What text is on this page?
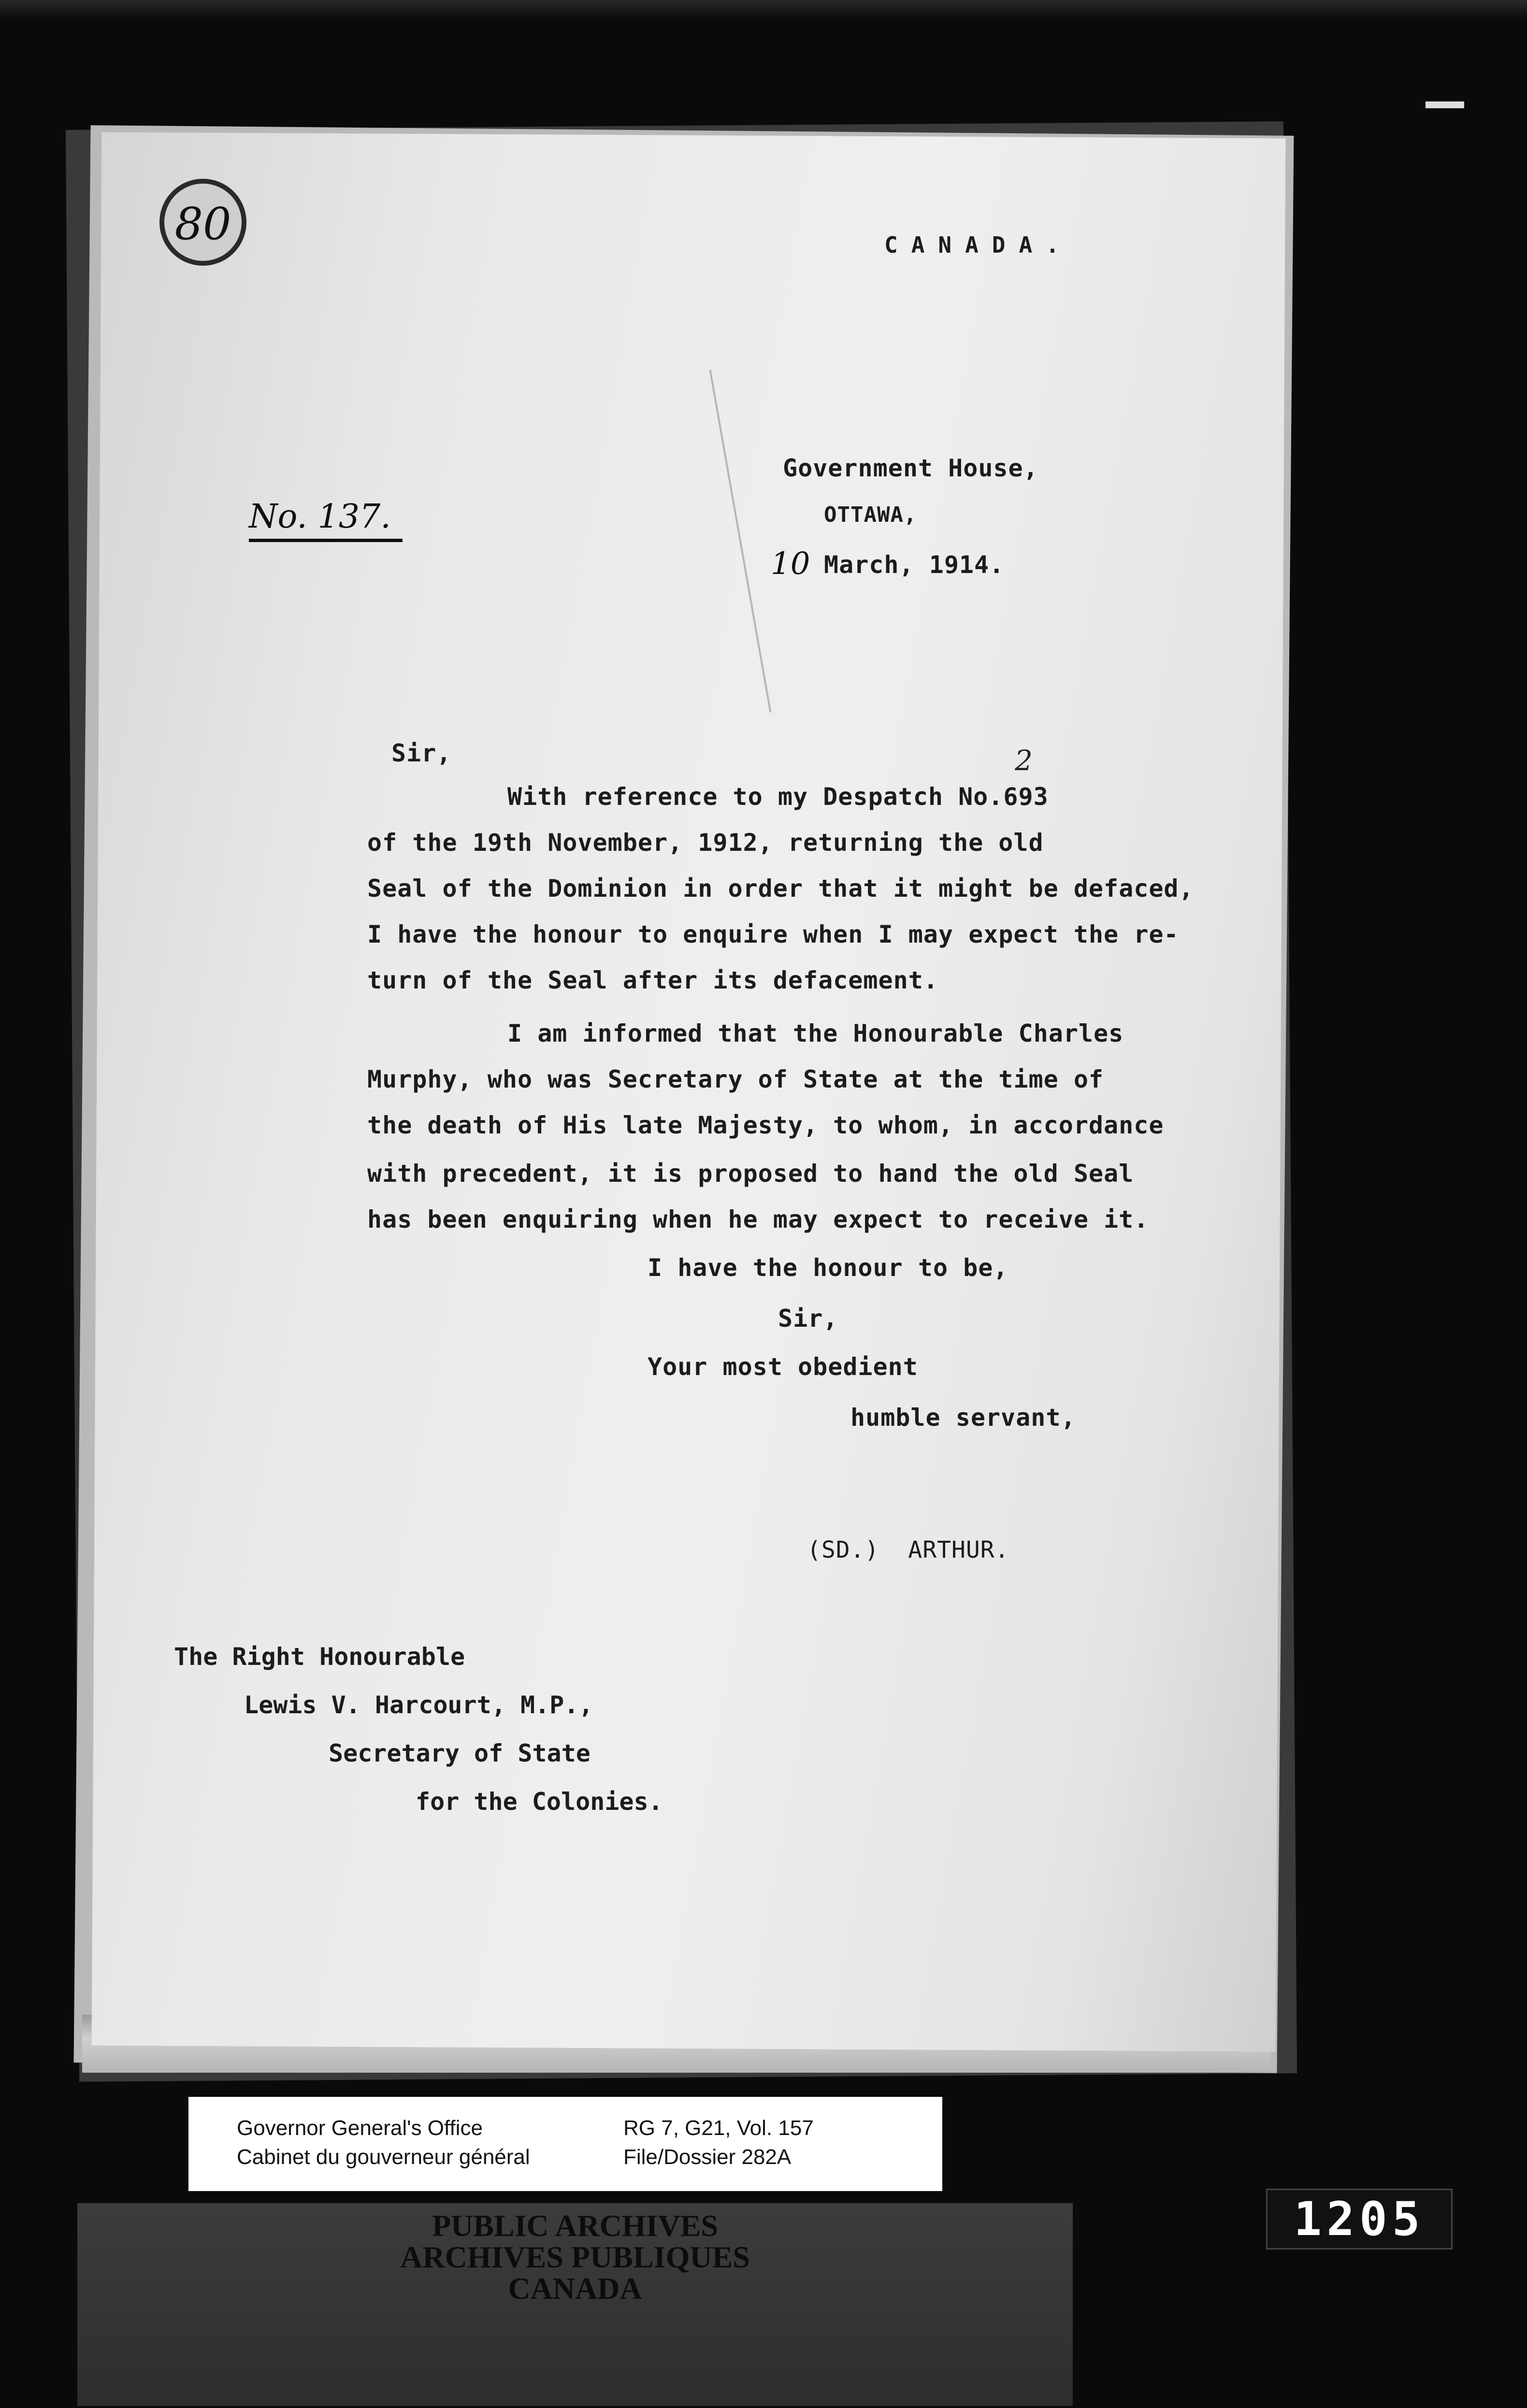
80	CANADA.
Government House,
OTTAWA,
10 March, 1914.
No. 137.
2
Sir,

With reference to my Despatch No.693

of the 19th November, 1912, returning the old

Seal of the Dominion in order that it might be defaced,

I have the honour to enquire when I may expect the re-

turn of the Seal after its defacement.

I am informed that the Honourable Charles

Murphy, who was Secretary of State at the time of

the death of His late Majesty, to whom, in accordance

with precedent, it is proposed to hand the old Seal

has been enquiring when he may expect to receive it.

I have the honour to be,

Sir,

Your most obedient

humble servant,

(SD.)  ARTHUR.
The Right Honourable
Lewis V. Harcourt, M.P.,
Secretary of State
for the Colonies.
Governor General's Office
Cabinet du gouverneur général
RG 7, G21, Vol. 157
File/Dossier 282A
PUBLIC ARCHIVES
ARCHIVES PUBLIQUES
CANADA
1205
